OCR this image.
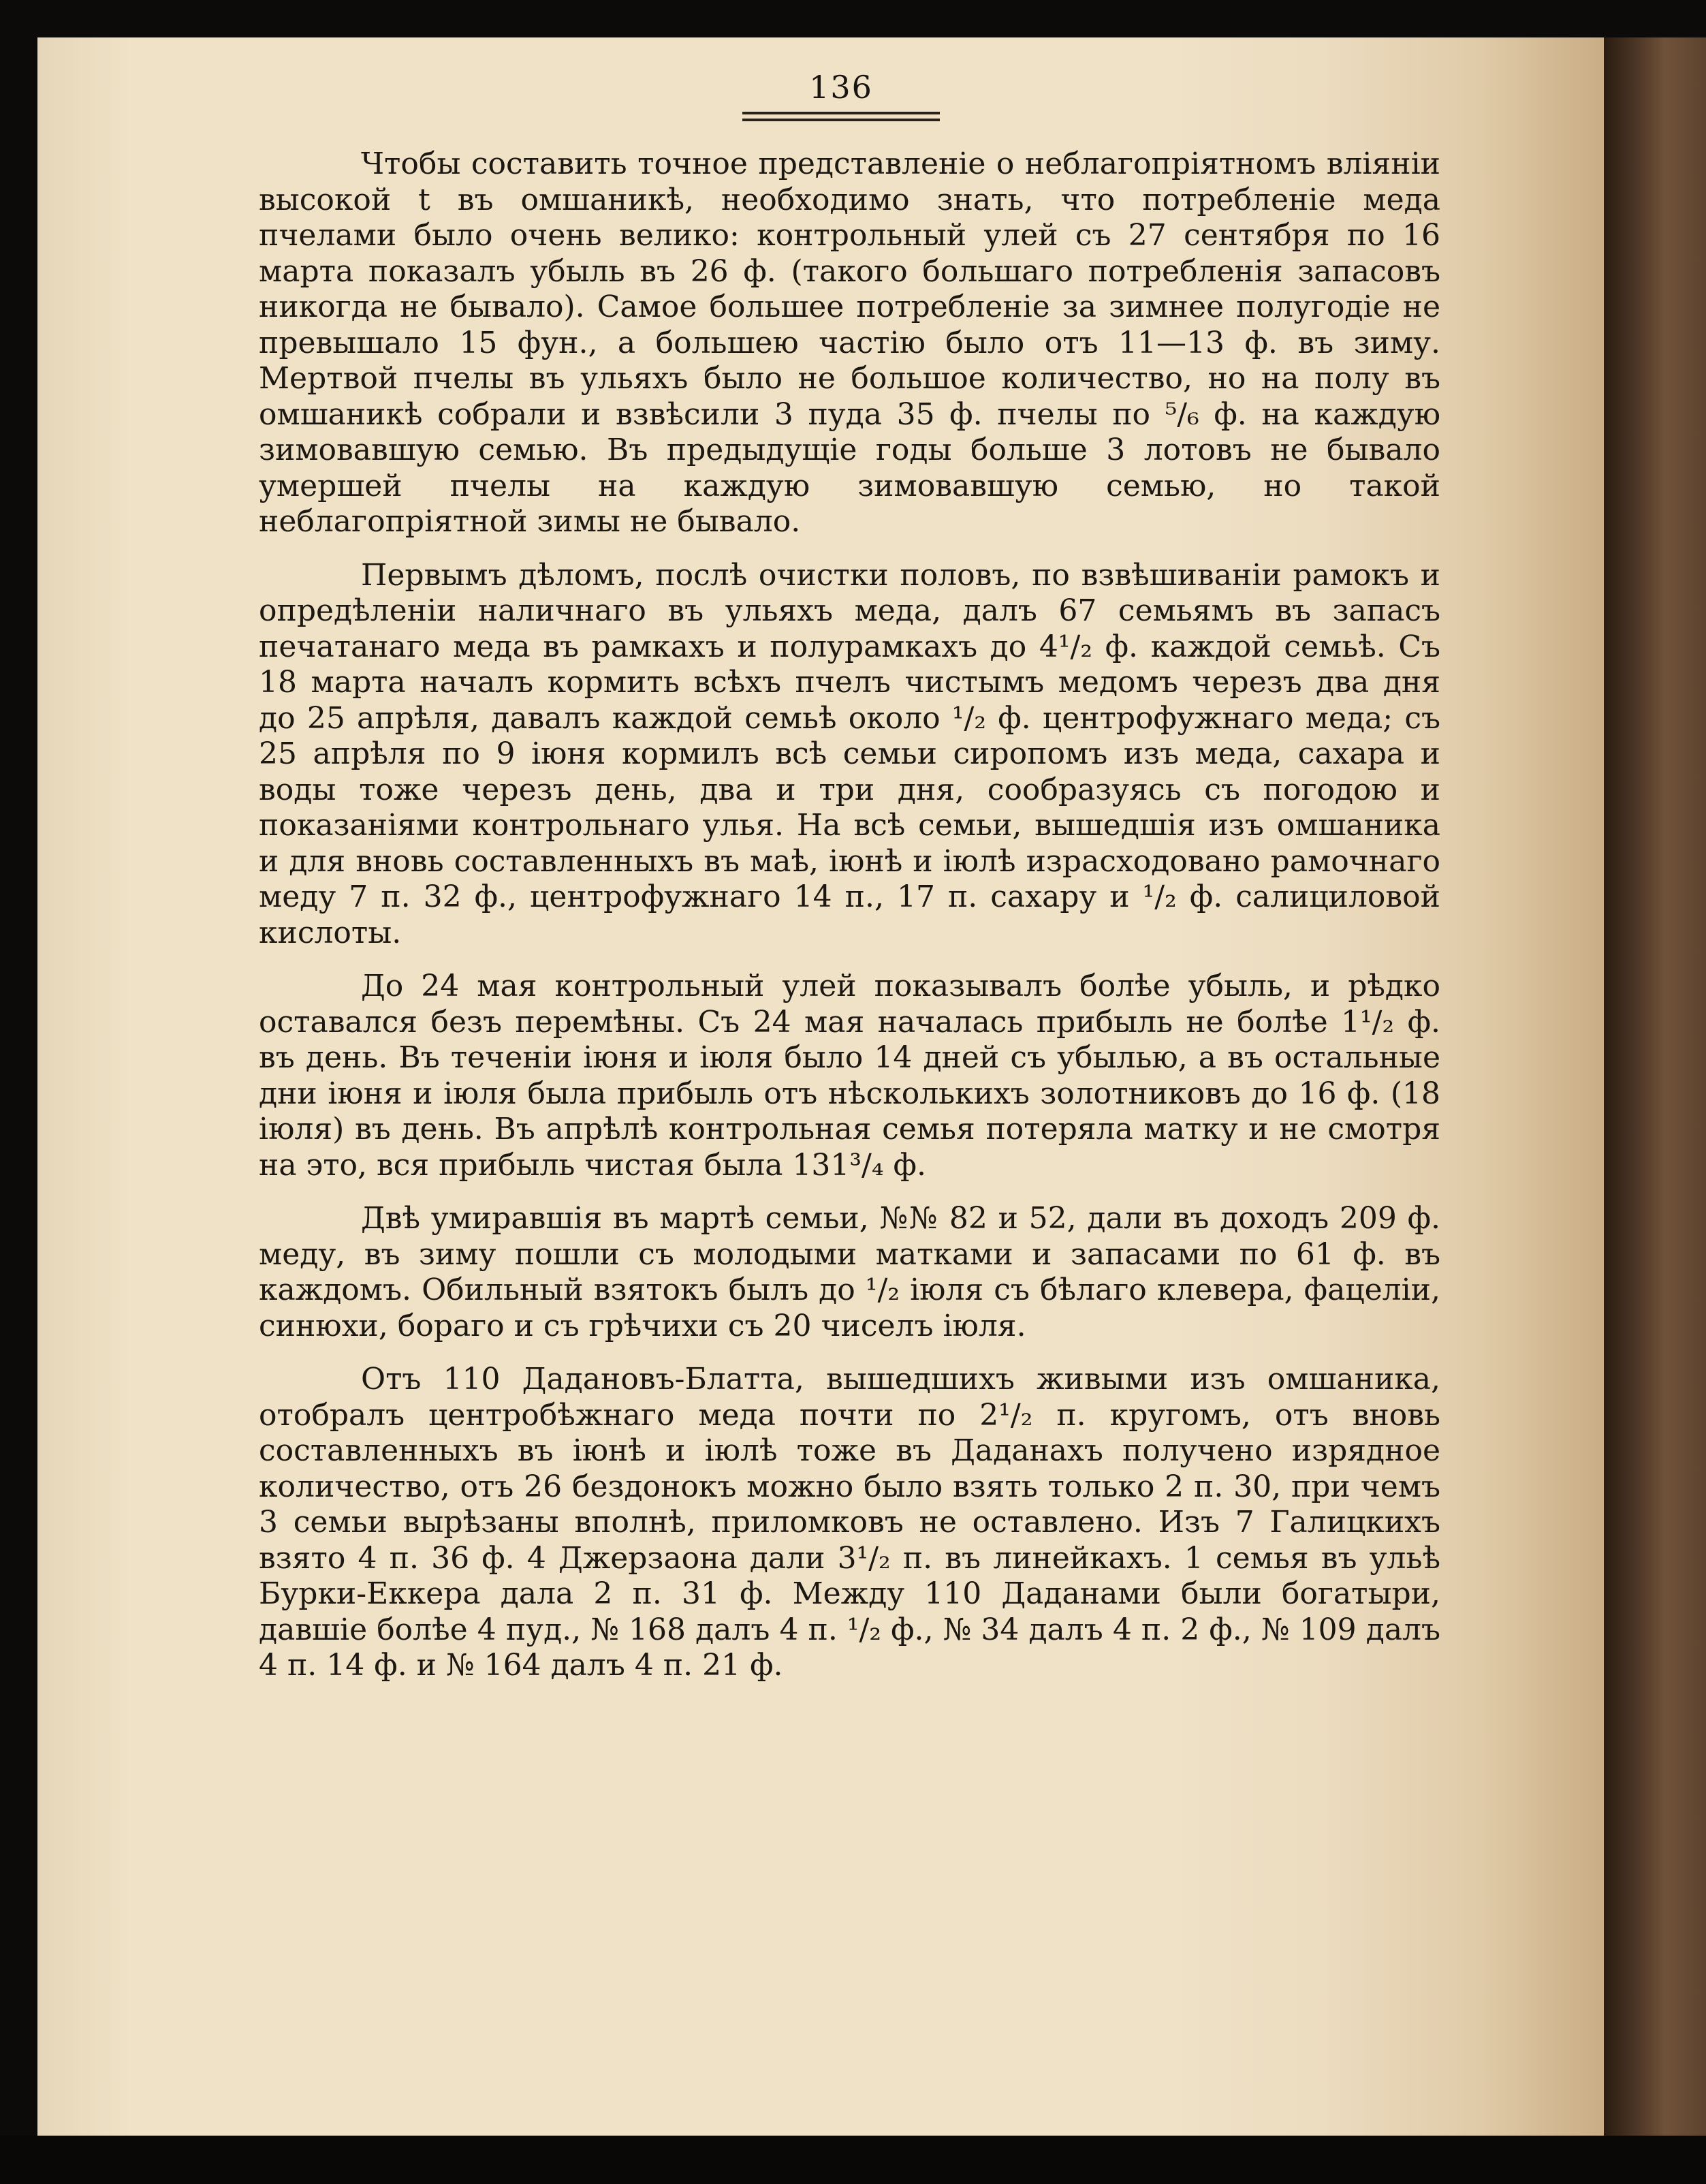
136

Чтобы составить точное представленіе о неблагопріятномъ вліяніи высокой t въ омшаникѣ, необходимо знать, что потребленіе меда пчелами было очень велико: контрольный улей съ 27 сентября по 16 марта показалъ убыль въ 26 ф. (такого большаго потребленія запасовъ никогда не бывало). Самое большее потребленіе за зимнее полугодіе не превышало 15 фун., а большею частію было отъ 11—13 ф. въ зиму. Мертвой пчелы въ ульяхъ было не большое количество, но на полу въ омшаникѣ собрали и взвѣсили 3 пуда 35 ф. пчелы по ⁵/₆ ф. на каждую зимовавшую семью. Въ предыдущіе годы больше 3 лотовъ не бывало умершей пчелы на каждую зимовавшую семью, но такой неблагопріятной зимы не бывало.

Первымъ дѣломъ, послѣ очистки половъ, по взвѣшиваніи рамокъ и опредѣленіи наличнаго въ ульяхъ меда, далъ 67 семьямъ въ запасъ печатанаго меда въ рамкахъ и полурамкахъ до 4¹/₂ ф. каждой семьѣ. Съ 18 марта началъ кормить всѣхъ пчелъ чистымъ медомъ черезъ два дня до 25 апрѣля, давалъ каждой семьѣ около ¹/₂ ф. центрофужнаго меда; съ 25 апрѣля по 9 іюня кормилъ всѣ семьи сиропомъ изъ меда, сахара и воды тоже черезъ день, два и три дня, сообразуясь съ погодою и показаніями контрольнаго улья. На всѣ семьи, вышедшія изъ омшаника и для вновь составленныхъ въ маѣ, іюнѣ и іюлѣ израсходовано рамочнаго меду 7 п. 32 ф., центрофужнаго 14 п., 17 п. сахару и ¹/₂ ф. салициловой кислоты.

До 24 мая контрольный улей показывалъ болѣе убыль, и рѣдко оставался безъ перемѣны. Съ 24 мая началась прибыль не болѣе 1¹/₂ ф. въ день. Въ теченіи іюня и іюля было 14 дней съ убылью, а въ остальные дни іюня и іюля была прибыль отъ нѣсколькихъ золотниковъ до 16 ф. (18 іюля) въ день. Въ апрѣлѣ контрольная семья потеряла матку и не смотря на это, вся прибыль чистая была 131³/₄ ф.

Двѣ умиравшія въ мартѣ семьи, №№ 82 и 52, дали въ доходъ 209 ф. меду, въ зиму пошли съ молодыми матками и запасами по 61 ф. въ каждомъ. Обильный взятокъ былъ до ¹/₂ іюля съ бѣлаго клевера, фацеліи, синюхи, бораго и съ грѣчихи съ 20 чиселъ іюля.

Отъ 110 Дадановъ-Блатта, вышедшихъ живыми изъ омшаника, отобралъ центробѣжнаго меда почти по 2¹/₂ п. кругомъ, отъ вновь составленныхъ въ іюнѣ и іюлѣ тоже въ Даданахъ получено изрядное количество, отъ 26 бездонокъ можно было взять только 2 п. 30, при чемъ 3 семьи вырѣзаны вполнѣ, приломковъ не оставлено. Изъ 7 Галицкихъ взято 4 п. 36 ф. 4 Джерзаона дали 3¹/₂ п. въ линейкахъ. 1 семья въ ульѣ Бурки-Еккера дала 2 п. 31 ф. Между 110 Даданами были богатыри, давшіе болѣе 4 пуд., № 168 далъ 4 п. ¹/₂ ф., № 34 далъ 4 п. 2 ф., № 109 далъ 4 п. 14 ф. и № 164 далъ 4 п. 21 ф.
